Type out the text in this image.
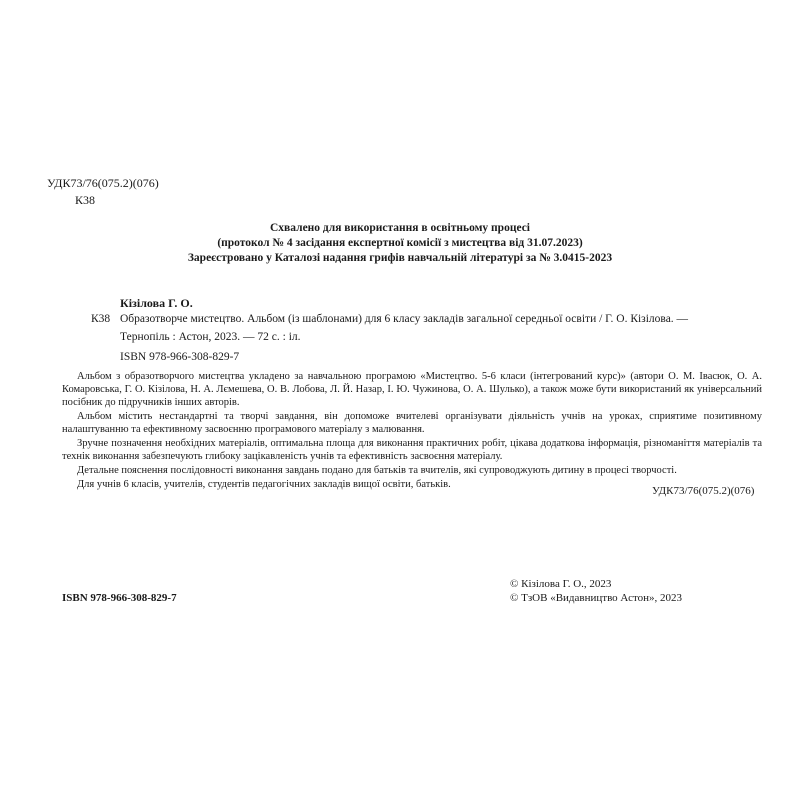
УДК73/76(075.2)(076)
К38
Схвалено для використання в освітньому процесі
(протокол № 4 засідання експертної комісії з мистецтва від 31.07.2023)
Зареєстровано у Каталозі надання грифів навчальній літературі за № 3.0415-2023
Кізілова Г. О.
К38 Образотворче мистецтво. Альбом (із шаблонами) для 6 класу закладів загальної середньої освіти / Г. О. Кізілова. —
Тернопіль : Астон, 2023. — 72 с. : іл.
ISBN 978-966-308-829-7

Альбом з образотворчого мистецтва укладено за навчальною програмою «Мистецтво. 5-6 класи (інтегрований курс)» (автори О. М. Івасюк, О. А. Комаровська, Г. О. Кізілова, Н. А. Лємешева, О. В. Лобова, Л. Й. Назар, І. Ю. Чужинова, О. А. Шулько), а також може бути використаний як універсальний посібник до підручників інших авторів.

Альбом містить нестандартні та творчі завдання, він допоможе вчителеві організувати діяльність учнів на уроках, сприятиме позитивному налаштуванню та ефективному засвоєнню програмового матеріалу з малювання.

Зручне позначення необхідних матеріалів, оптимальна площа для виконання практичних робіт, цікава додаткова інформація, різноманіття матеріалів та технік виконання забезпечують глибоку зацікавленість учнів та ефективність засвоєння матеріалу.

Детальне пояснення послідовності виконання завдань подано для батьків та вчителів, які супроводжують дитину в процесі творчості.

Для учнів 6 класів, учителів, студентів педагогічних закладів вищої освіти, батьків.

УДК73/76(075.2)(076)
© Кізілова Г. О., 2023
© ТзОВ «Видавництво Астон», 2023
ISBN 978-966-308-829-7
